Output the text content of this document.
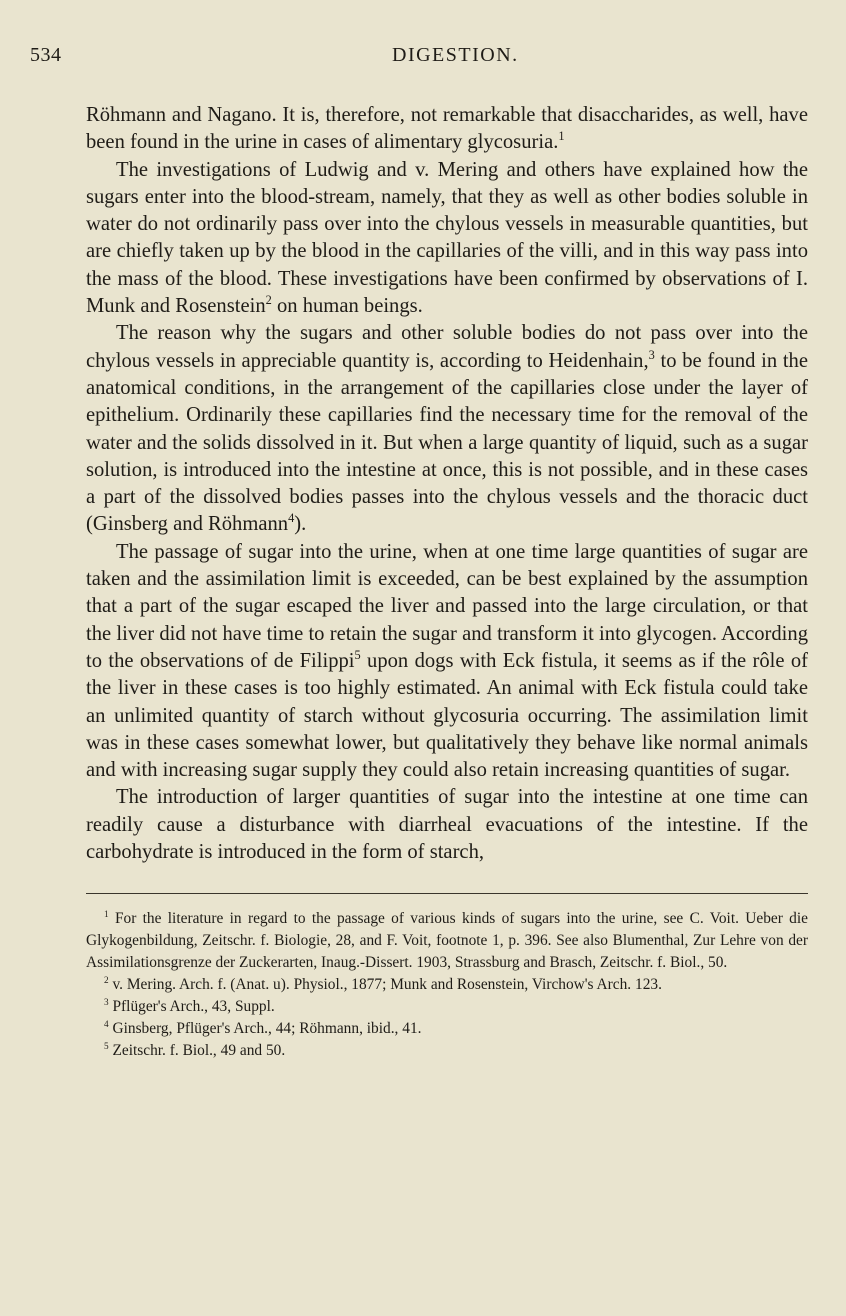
534	DIGESTION.

Röhmann and Nagano. It is, therefore, not remarkable that disaccharides, as well, have been found in the urine in cases of alimentary glycosuria.$^1$

The investigations of Ludwig and v. Mering and others have explained how the sugars enter into the blood-stream, namely, that they as well as other bodies soluble in water do not ordinarily pass over into the chylous vessels in measurable quantities, but are chiefly taken up by the blood in the capillaries of the villi, and in this way pass into the mass of the blood. These investigations have been confirmed by observations of I. Munk and Rosenstein$^2$ on human beings.

The reason why the sugars and other soluble bodies do not pass over into the chylous vessels in appreciable quantity is, according to Heidenhain,$^3$ to be found in the anatomical conditions, in the arrangement of the capillaries close under the layer of epithelium. Ordinarily these capillaries find the necessary time for the removal of the water and the solids dissolved in it. But when a large quantity of liquid, such as a sugar solution, is introduced into the intestine at once, this is not possible, and in these cases a part of the dissolved bodies passes into the chylous vessels and the thoracic duct (Ginsberg and Röhmann$^4$).

The passage of sugar into the urine, when at one time large quantities of sugar are taken and the assimilation limit is exceeded, can be best explained by the assumption that a part of the sugar escaped the liver and passed into the large circulation, or that the liver did not have time to retain the sugar and transform it into glycogen. According to the observations of de Filippi$^5$ upon dogs with Eck fistula, it seems as if the rôle of the liver in these cases is too highly estimated. An animal with Eck fistula could take an unlimited quantity of starch without glycosuria occurring. The assimilation limit was in these cases somewhat lower, but qualitatively they behave like normal animals and with increasing sugar supply they could also retain increasing quantities of sugar.

The introduction of larger quantities of sugar into the intestine at one time can readily cause a disturbance with diarrheal evacuations of the intestine. If the carbohydrate is introduced in the form of starch,

$^1$ For the literature in regard to the passage of various kinds of sugars into the urine, see C. Voit. Ueber die Glykogenbildung, Zeitschr. f. Biologie, 28, and F. Voit, footnote 1, p. 396. See also Blumenthal, Zur Lehre von der Assimilationsgrenze der Zuckerarten, Inaug.-Dissert. 1903, Strassburg and Brasch, Zeitschr. f. Biol., 50.

$^2$ v. Mering. Arch. f. (Anat. u). Physiol., 1877; Munk and Rosenstein, Virchow's Arch. 123.

$^3$ Pflüger's Arch., 43, Suppl.

$^4$ Ginsberg, Pflüger's Arch., 44; Röhmann, ibid., 41.

$^5$ Zeitschr. f. Biol., 49 and 50.
